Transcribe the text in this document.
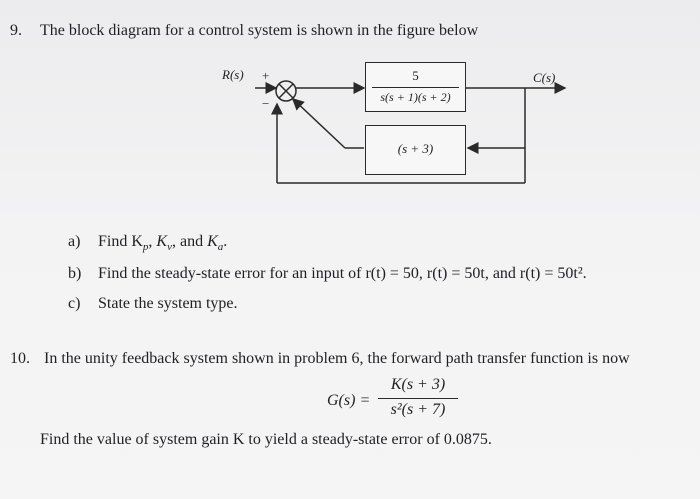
9. The block diagram for a control system is shown in the figure below
R(s) +
−
C(s)
5
s(s + 1)(s + 2)
(s + 3)
a) Find $K_p$, $K_v$, and $K_a$.
b) Find the steady-state error for an input of r(t) = 50, r(t) = 50t, and r(t) = 50t².
c) State the system type.
10. In the unity feedback system shown in problem 6, the forward path transfer function is now
G(s) =
K(s + 3)
s²(s + 7)
Find the value of system gain K to yield a steady-state error of 0.0875.
